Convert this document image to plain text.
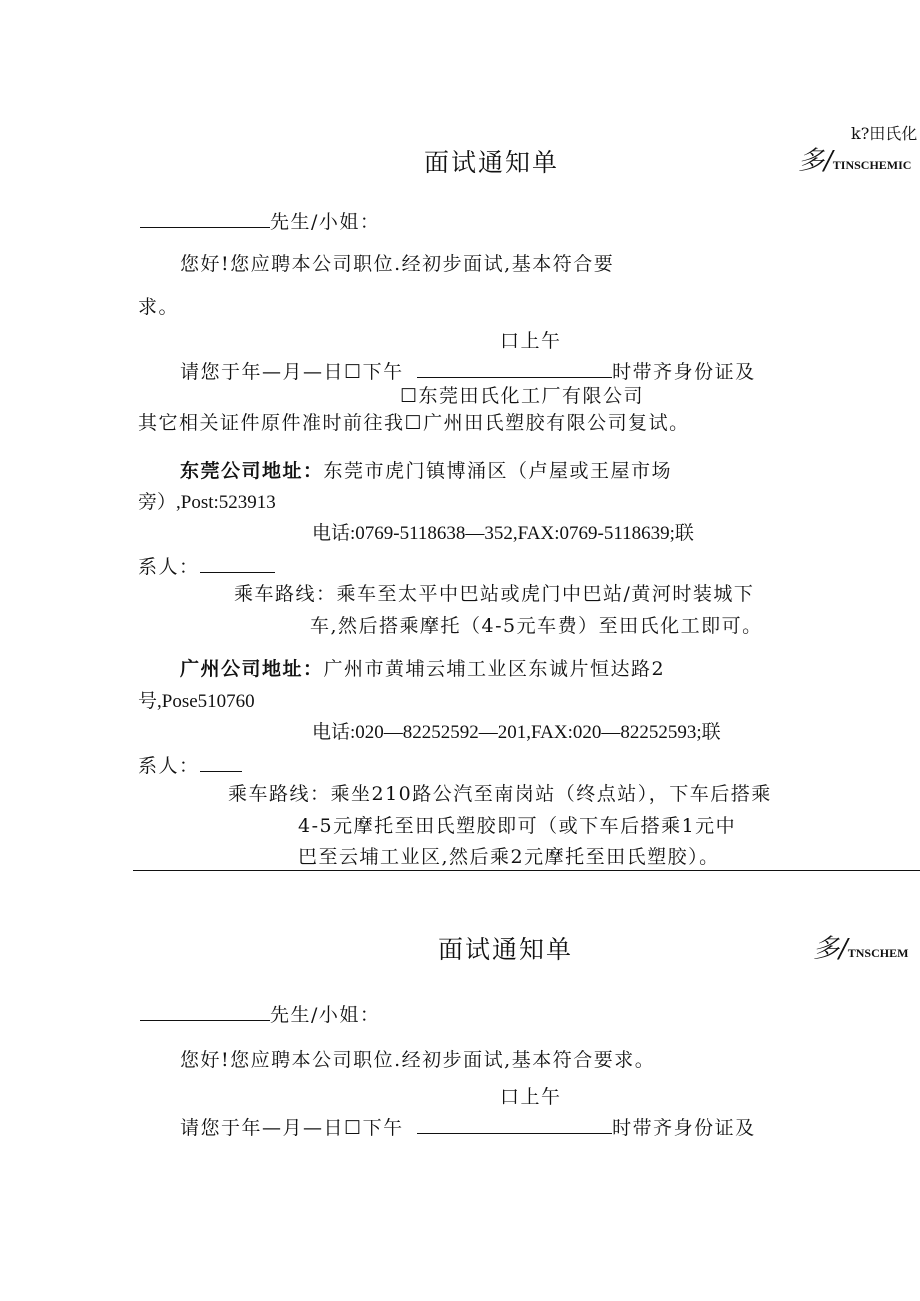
k?田氏化
多/TINSCHEMIC
面试通知单
先生/小姐：
您好!您应聘本公司职位.经初步面试,基本符合要
求。
口上午
请您于年—月—日☐下午	时带齐身份证及
☐东莞田氏化工厂有限公司
其它相关证件原件准时前往我☐广州田氏塑胶有限公司复试。
东莞公司地址：东莞市虎门镇博涌区（卢屋或王屋市场
旁）,Post:523913
电话:0769-5118638—352,FAX:0769-5118639;联
系人：
乘车路线：乘车至太平中巴站或虎门中巴站/黄河时装城下
车,然后搭乘摩托（4-5元车费）至田氏化工即可。
广州公司地址：广州市黄埔云埔工业区东诚片恒达路2
号,Pose510760
电话:020—82252592—201,FAX:020—82252593;联
系人：
乘车路线：乘坐210路公汽至南岗站（终点站），下车后搭乘
4-5元摩托至田氏塑胶即可（或下车后搭乘1元中
巴至云埔工业区,然后乘2元摩托至田氏塑胶）。
面试通知单	多/TNSCHEM
先生/小姐：
您好!您应聘本公司职位.经初步面试,基本符合要求。
口上午
请您于年—月—日☐下午	时带齐身份证及
